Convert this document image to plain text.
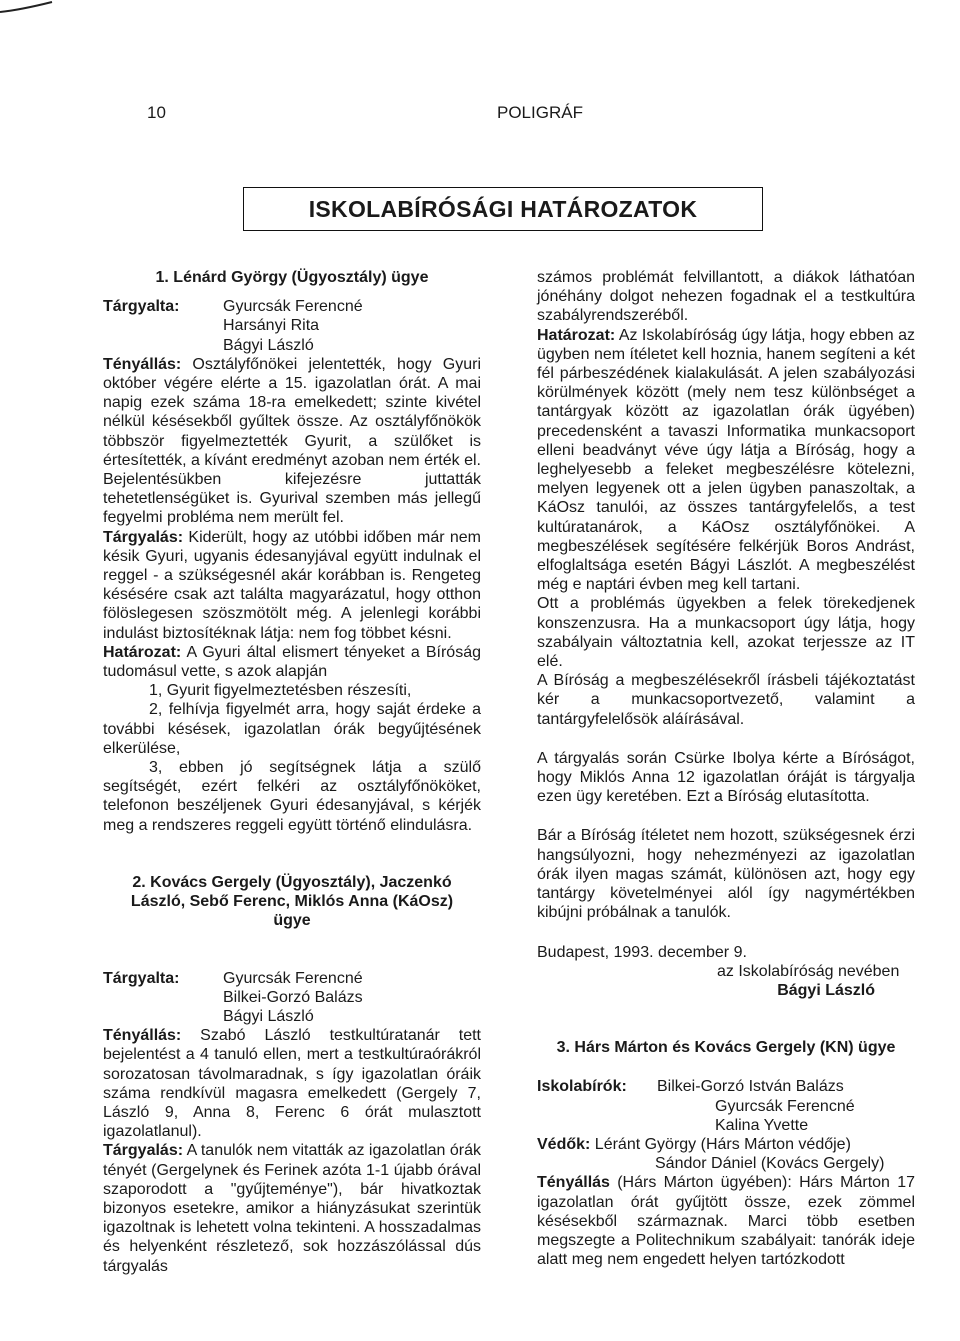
10	POLIGRÁF
ISKOLABÍRÓSÁGI HATÁROZATOK

1. Lénárd György (Ügyosztály) ügye

Tárgyalta:	Gyurcsák Ferencné

Harsányi Rita

Bágyi László

Tényállás: Osztályfőnökei jelentették, hogy Gyuri október végére elérte a 15. igazolatlan órát. A mai napig ezek száma 18-ra emelkedett; szinte kivétel nélkül késésekből gyűltek össze. Az osztályfőnökök többször figyelmeztették Gyurit, a szülőket is értesítették, a kívánt eredményt azoban nem érték el. Bejelentésükben kifejezésre juttatták tehetetlenségüket is. Gyurival szemben más jellegű fegyelmi probléma nem merült fel.

Tárgyalás: Kiderült, hogy az utóbbi időben már nem késik Gyuri, ugyanis édesanyjával együtt indulnak el reggel - a szükségesnél akár korábban is. Rengeteg késésére csak azt találta magyarázatul, hogy otthon fölöslegesen szöszmötölt még. A jelenlegi korábbi indulást biztosítéknak látja: nem fog többet késni.

Határozat: A Gyuri által elismert tényeket a Bíróság tudomásul vette, s azok alapján

1, Gyurit figyelmeztetésben részesíti,

2, felhívja figyelmét arra, hogy saját érdeke a további késések, igazolatlan órák begyűjtésének elkerülése,

3, ebben jó segítségnek látja a szülő segítségét, ezért felkéri az osztályfőnököket, telefonon beszéljenek Gyuri édesanyjával, s kérjék meg a rendszeres reggeli együtt történő elindulásra.

2. Kovács Gergely (Ügyosztály), Jaczenkó

László, Sebő Ferenc, Miklós Anna (KáOsz)

ügye

Tárgyalta:	Gyurcsák Ferencné

Bilkei-Gorzó Balázs

Bágyi László

Tényállás: Szabó László testkultúratanár tett bejelentést a 4 tanuló ellen, mert a testkultúraórákról sorozatosan távolmaradnak, s így igazolatlan óráik száma rendkívül magasra emelkedett (Gergely 7, László 9, Anna 8, Ferenc 6 órát mulasztott igazolatlanul).

Tárgyalás: A tanulók nem vitatták az igazolatlan órák tényét (Gergelynek és Ferinek azóta 1-1 újabb órával szaporodott a "gyűjteménye"), bár hivatkoztak bizonyos esetekre, amikor a hiányzásukat szerintük igazoltnak is lehetett volna tekinteni. A hosszadalmas és helyenként részletező, sok hozzászólással dús tárgyalás

számos problémát felvillantott, a diákok láthatóan jónéhány dolgot nehezen fogadnak el a testkultúra szabályrendszeréből.

Határozat: Az Iskolabíróság úgy látja, hogy ebben az ügyben nem ítéletet kell hoznia, hanem segíteni a két fél párbeszédének kialakulását. A jelen szabályozási körülmények között (mely nem tesz különbséget a tantárgyak között az igazolatlan órák ügyében) precedensként a tavaszi Informatika munkacsoport elleni beadványt véve úgy látja a Bíróság, hogy a leghelyesebb a feleket megbeszélésre kötelezni, melyen legyenek ott a jelen ügyben panaszoltak, a KáOsz tanulói, az összes tantárgyfelelős, a test kultúratanárok, a KáOsz osztályfőnökei. A megbeszélések segítésére felkérjük Boros Andrást, elfoglaltsága esetén Bágyi Lászlót. A megbeszélést még e naptári évben meg kell tartani.

Ott a problémás ügyekben a felek törekedjenek konszenzusra. Ha a munkacsoport úgy látja, hogy szabályain változtatnia kell, azokat terjessze az IT elé.

A Bíróság a megbeszélésekről írásbeli tájékoztatást kér a munkacsoportvezető, valamint a tantárgyfelelősök aláírásával.

A tárgyalás során Csürke Ibolya kérte a Bíróságot, hogy Miklós Anna 12 igazolatlan óráját is tárgyalja ezen ügy keretében. Ezt a Bíróság elutasította.

Bár a Bíróság ítéletet nem hozott, szükségesnek érzi hangsúlyozni, hogy nehezményezi az igazolatlan órák ilyen magas számát, különösen azt, hogy egy tantárgy követelményei alól így nagymértékben kibújni próbálnak a tanulók.

Budapest, 1993. december 9.

az Iskolabíróság nevében

Bágyi László

3. Hárs Márton és Kovács Gergely (KN) ügye

Iskolabírók:	Bilkei-Gorzó István Balázs

Gyurcsák Ferencné

Kalina Yvette

Védők: Léránt György (Hárs Márton védője)

Sándor Dániel (Kovács Gergely)

Tényállás (Hárs Márton ügyében): Hárs Márton 17 igazolatlan órát gyűjtött össze, ezek zömmel késésekből származnak. Marci több esetben megszegte a Politechnikum szabályait: tanórák ideje alatt meg nem engedett helyen tartózkodott
